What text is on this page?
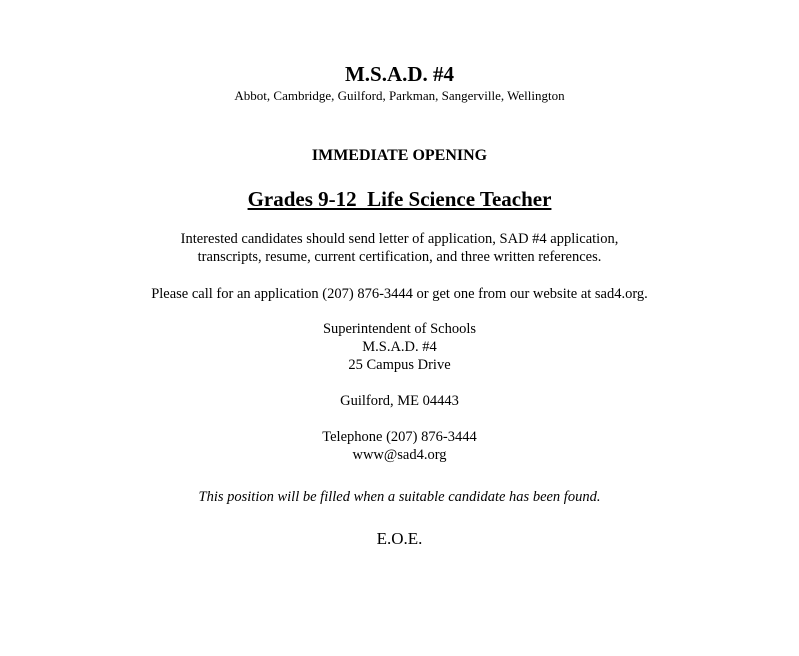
M.S.A.D. #4
Abbot, Cambridge, Guilford, Parkman, Sangerville, Wellington
IMMEDIATE OPENING
Grades 9-12  Life Science Teacher
Interested candidates should send letter of application, SAD #4 application,
transcripts, resume, current certification, and three written references.
Please call for an application (207) 876-3444 or get one from our website at sad4.org.
Superintendent of Schools
M.S.A.D. #4
25 Campus Drive
Guilford, ME 04443
Telephone (207) 876-3444
www@sad4.org
This position will be filled when a suitable candidate has been found.
E.O.E.
